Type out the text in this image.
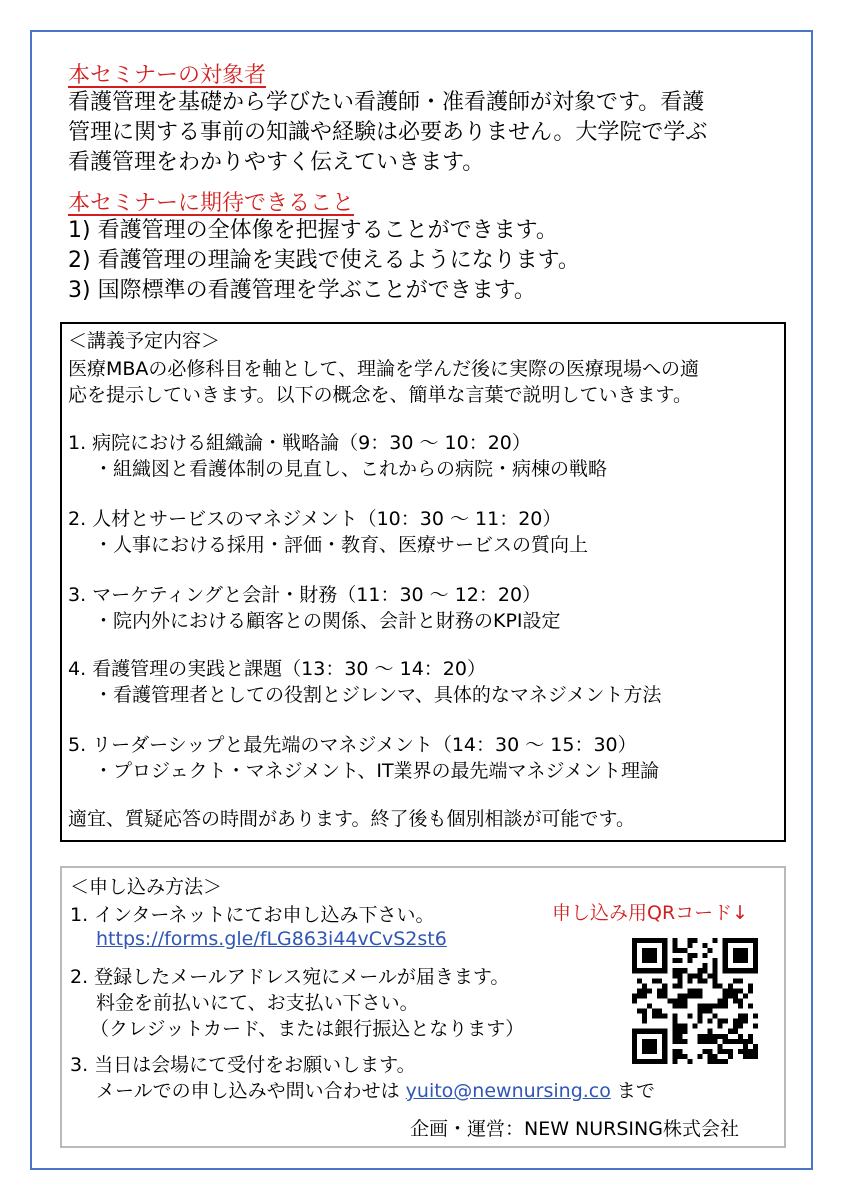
本セミナーの対象者
看護管理を基礎から学びたい看護師・准看護師が対象です。看護
管理に関する事前の知識や経験は必要ありません。大学院で学ぶ
看護管理をわかりやすく伝えていきます。
本セミナーに期待できること
1) 看護管理の全体像を把握することができます。
2) 看護管理の理論を実践で使えるようになります。
3) 国際標準の看護管理を学ぶことができます。
＜講義予定内容＞
医療MBAの必修科目を軸として、理論を学んだ後に実際の医療現場への適
応を提示していきます。以下の概念を、簡単な言葉で説明していきます。
1. 病院における組織論・戦略論（9：30 〜 10：20）
・組織図と看護体制の見直し、これからの病院・病棟の戦略
2. 人材とサービスのマネジメント（10：30 〜 11：20）
・人事における採用・評価・教育、医療サービスの質向上
3. マーケティングと会計・財務（11：30 〜 12：20）
・院内外における顧客との関係、会計と財務のKPI設定
4. 看護管理の実践と課題（13：30 〜 14：20）
・看護管理者としての役割とジレンマ、具体的なマネジメント方法
5. リーダーシップと最先端のマネジメント（14：30 〜 15：30）
・プロジェクト・マネジメント、IT業界の最先端マネジメント理論
適宜、質疑応答の時間があります。終了後も個別相談が可能です。
＜申し込み方法＞
1. インターネットにてお申し込み下さい。
https://forms.gle/fLG863i44vCvS2st6
申し込み用QRコード↓
2. 登録したメールアドレス宛にメールが届きます。
料金を前払いにて、お支払い下さい。
（クレジットカード、または銀行振込となります）
3. 当日は会場にて受付をお願いします。
メールでの申し込みや問い合わせは yuito@newnursing.co まで
企画・運営：NEW NURSING株式会社
